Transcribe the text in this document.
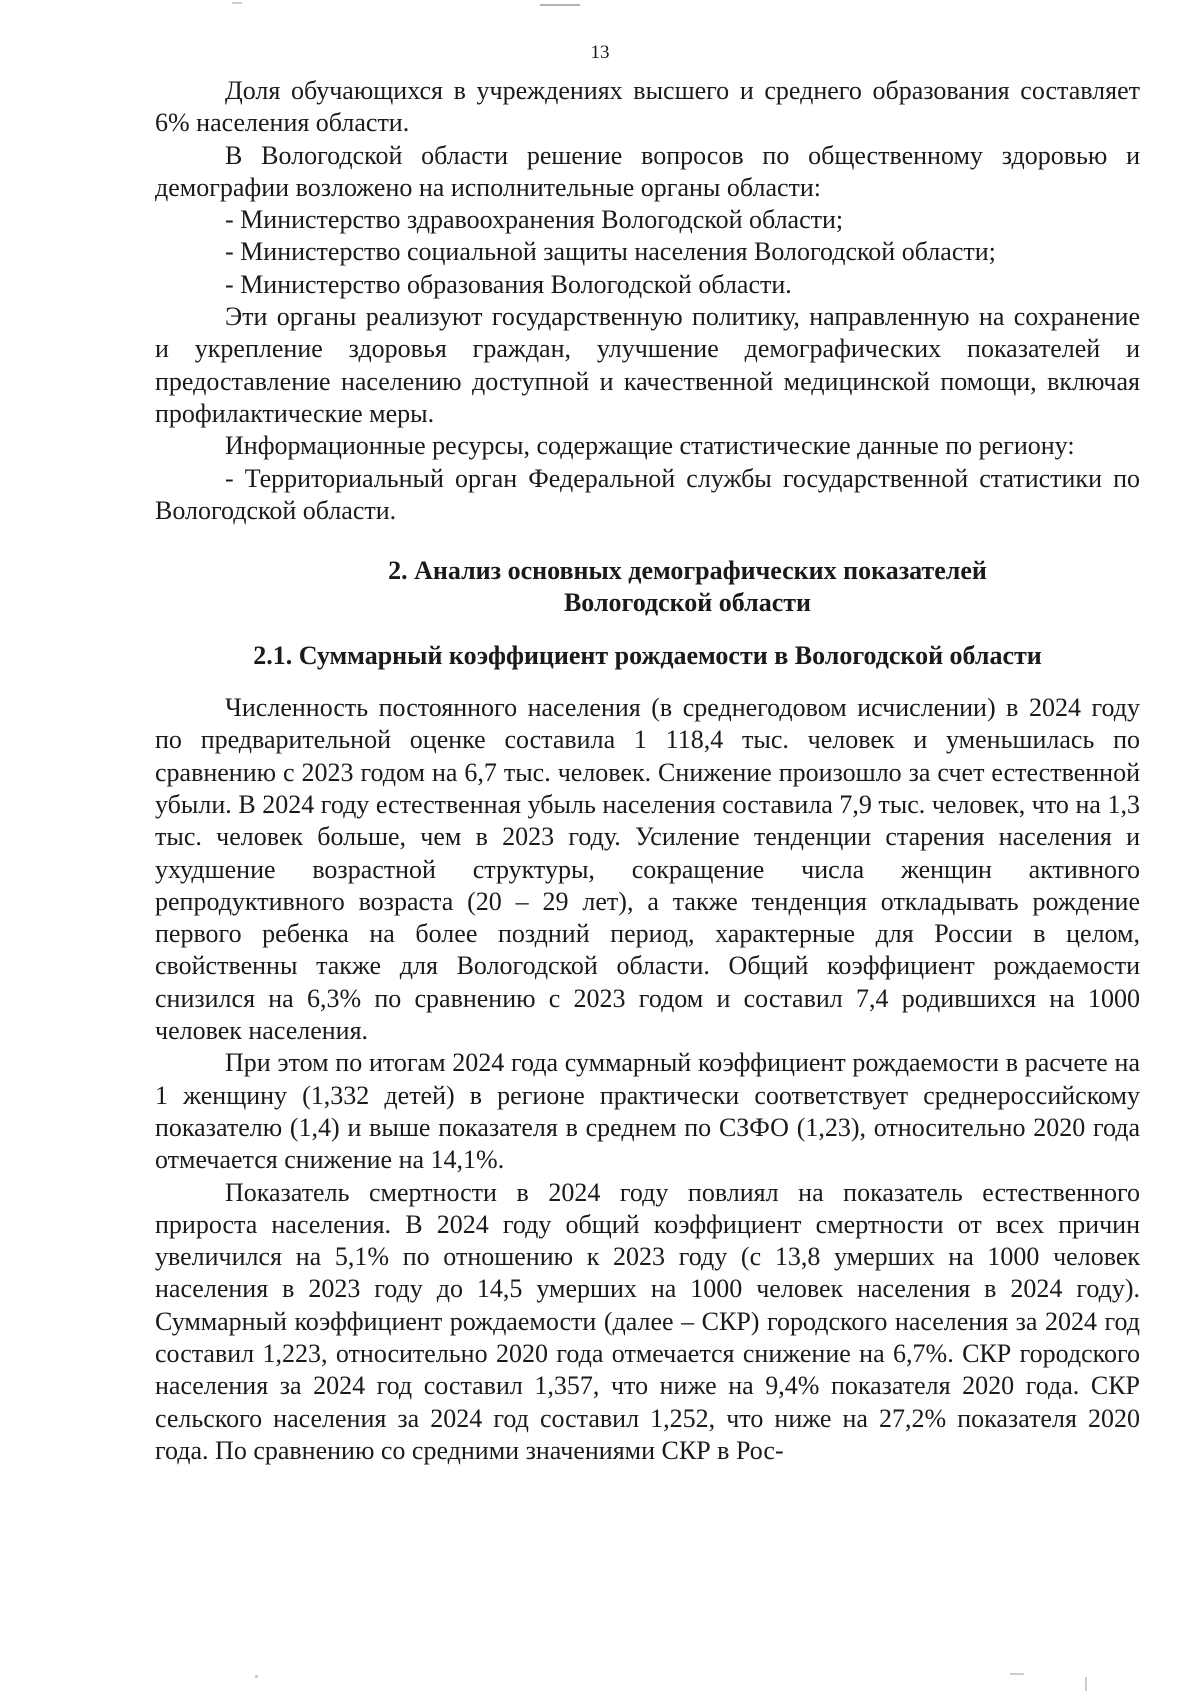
13

Доля обучающихся в учреждениях высшего и среднего образования составляет 6% населения области.

В Вологодской области решение вопросов по общественному здоровью и демографии возложено на исполнительные органы области:

- Министерство здравоохранения Вологодской области;

- Министерство социальной защиты населения Вологодской области;

- Министерство образования Вологодской области.

Эти органы реализуют государственную политику, направленную на сохранение и укрепление здоровья граждан, улучшение демографических показателей и предоставление населению доступной и качественной медицинской помощи, включая профилактические меры.

Информационные ресурсы, содержащие статистические данные по региону:

- Территориальный орган Федеральной службы государственной статистики по Вологодской области.

2. Анализ основных демографических показателей
Вологодской области
2.1. Суммарный коэффициент рождаемости в Вологодской области

Численность постоянного населения (в среднегодовом исчислении) в 2024 году по предварительной оценке составила 1 118,4 тыс. человек и уменьшилась по сравнению с 2023 годом на 6,7 тыс. человек. Снижение произошло за счет естественной убыли. В 2024 году естественная убыль населения составила 7,9 тыс. человек, что на 1,3 тыс. человек больше, чем в 2023 году. Усиление тенденции старения населения и ухудшение возрастной структуры, сокращение числа женщин активного репродуктивного возраста (20 – 29 лет), а также тенденция откладывать рождение первого ребенка на более поздний период, характерные для России в целом, свойственны также для Вологодской области. Общий коэффициент рождаемости снизился на 6,3% по сравнению с 2023 годом и составил 7,4 родившихся на 1000 человек населения.

При этом по итогам 2024 года суммарный коэффициент рождаемости в расчете на 1 женщину (1,332 детей) в регионе практически соответствует среднероссийскому показателю (1,4) и выше показателя в среднем по СЗФО (1,23), относительно 2020 года отмечается снижение на 14,1%.

Показатель смертности в 2024 году повлиял на показатель естественного прироста населения. В 2024 году общий коэффициент смертности от всех причин увеличился на 5,1% по отношению к 2023 году (с 13,8 умерших на 1000 человек населения в 2023 году до 14,5 умерших на 1000 человек населения в 2024 году). Суммарный коэффициент рождаемости (далее – СКР) городского населения за 2024 год составил 1,223, относительно 2020 года отмечается снижение на 6,7%. СКР городского населения за 2024 год составил 1,357, что ниже на 9,4% показателя 2020 года. СКР сельского населения за 2024 год составил 1,252, что ниже на 27,2% показателя 2020 года. По сравнению со средними значениями СКР в Рос-
